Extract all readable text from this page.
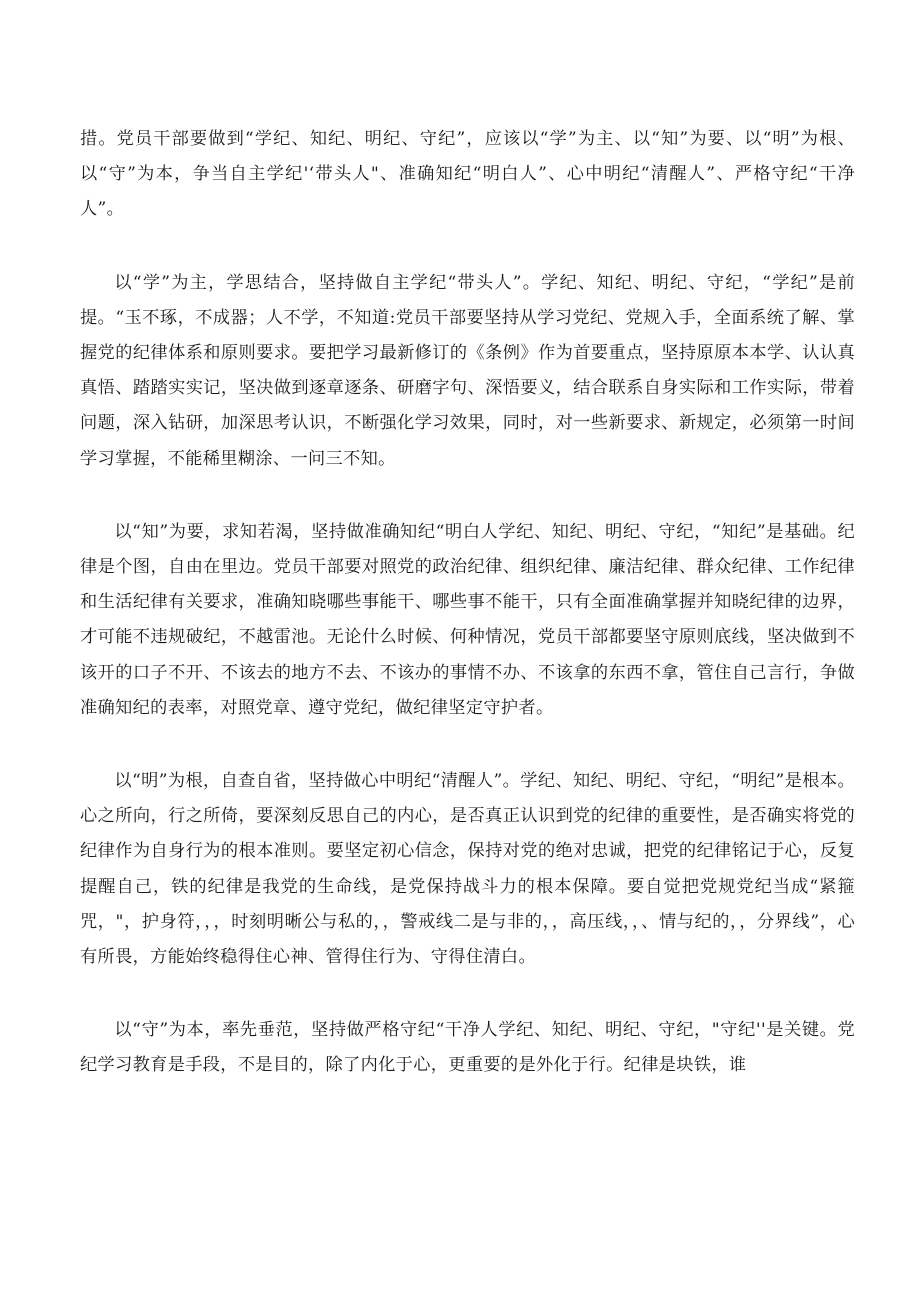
措。党员干部要做到“学纪、知纪、明纪、守纪”，应该以“学”为主、以“知”为要、以“明”为根、以“守”为本，争当自主学纪'‘带头人"、准确知纪“明白人”、心中明纪“清醒人”、严格守纪“干净人”。

以“学”为主，学思结合，坚持做自主学纪“带头人”。学纪、知纪、明纪、守纪，“学纪”是前提。“玉不琢，不成器；人不学，不知道:党员干部要坚持从学习党纪、党规入手，全面系统了解、掌握党的纪律体系和原则要求。要把学习最新修订的《条例》作为首要重点，坚持原原本本学、认认真真悟、踏踏实实记，坚决做到逐章逐条、研磨字句、深悟要义，结合联系自身实际和工作实际，带着问题，深入钻研，加深思考认识，不断强化学习效果，同时，对一些新要求、新规定，必须第一时间学习掌握，不能稀里糊涂、一问三不知。

以“知”为要，求知若渴，坚持做准确知纪“明白人学纪、知纪、明纪、守纪，“知纪”是基础。纪律是个图，自由在里边。党员干部要对照党的政治纪律、组织纪律、廉洁纪律、群众纪律、工作纪律和生活纪律有关要求，准确知晓哪些事能干、哪些事不能干，只有全面准确掌握并知晓纪律的边界，才可能不违规破纪，不越雷池。无论什么时候、何种情况，党员干部都要坚守原则底线，坚决做到不该开的口子不开、不该去的地方不去、不该办的事情不办、不该拿的东西不拿，管住自己言行，争做准确知纪的表率，对照党章、遵守党纪，做纪律坚定守护者。

以“明”为根，自查自省，坚持做心中明纪“清醒人”。学纪、知纪、明纪、守纪，“明纪”是根本。心之所向，行之所倚，要深刻反思自己的内心，是否真正认识到党的纪律的重要性，是否确实将党的纪律作为自身行为的根本准则。要坚定初心信念，保持对党的绝对忠诚，把党的纪律铭记于心，反复提醒自己，铁的纪律是我党的生命线，是党保持战斗力的根本保障。要自觉把党规党纪当成“紧箍咒，"，护身符，，，时刻明晰公与私的，，警戒线二是与非的，，高压线，，、情与纪的，，分界线”，心有所畏，方能始终稳得住心神、管得住行为、守得住清白。

以“守”为本，率先垂范，坚持做严格守纪“干净人学纪、知纪、明纪、守纪，"守纪''是关键。党纪学习教育是手段，不是目的，除了内化于心，更重要的是外化于行。纪律是块铁，谁
